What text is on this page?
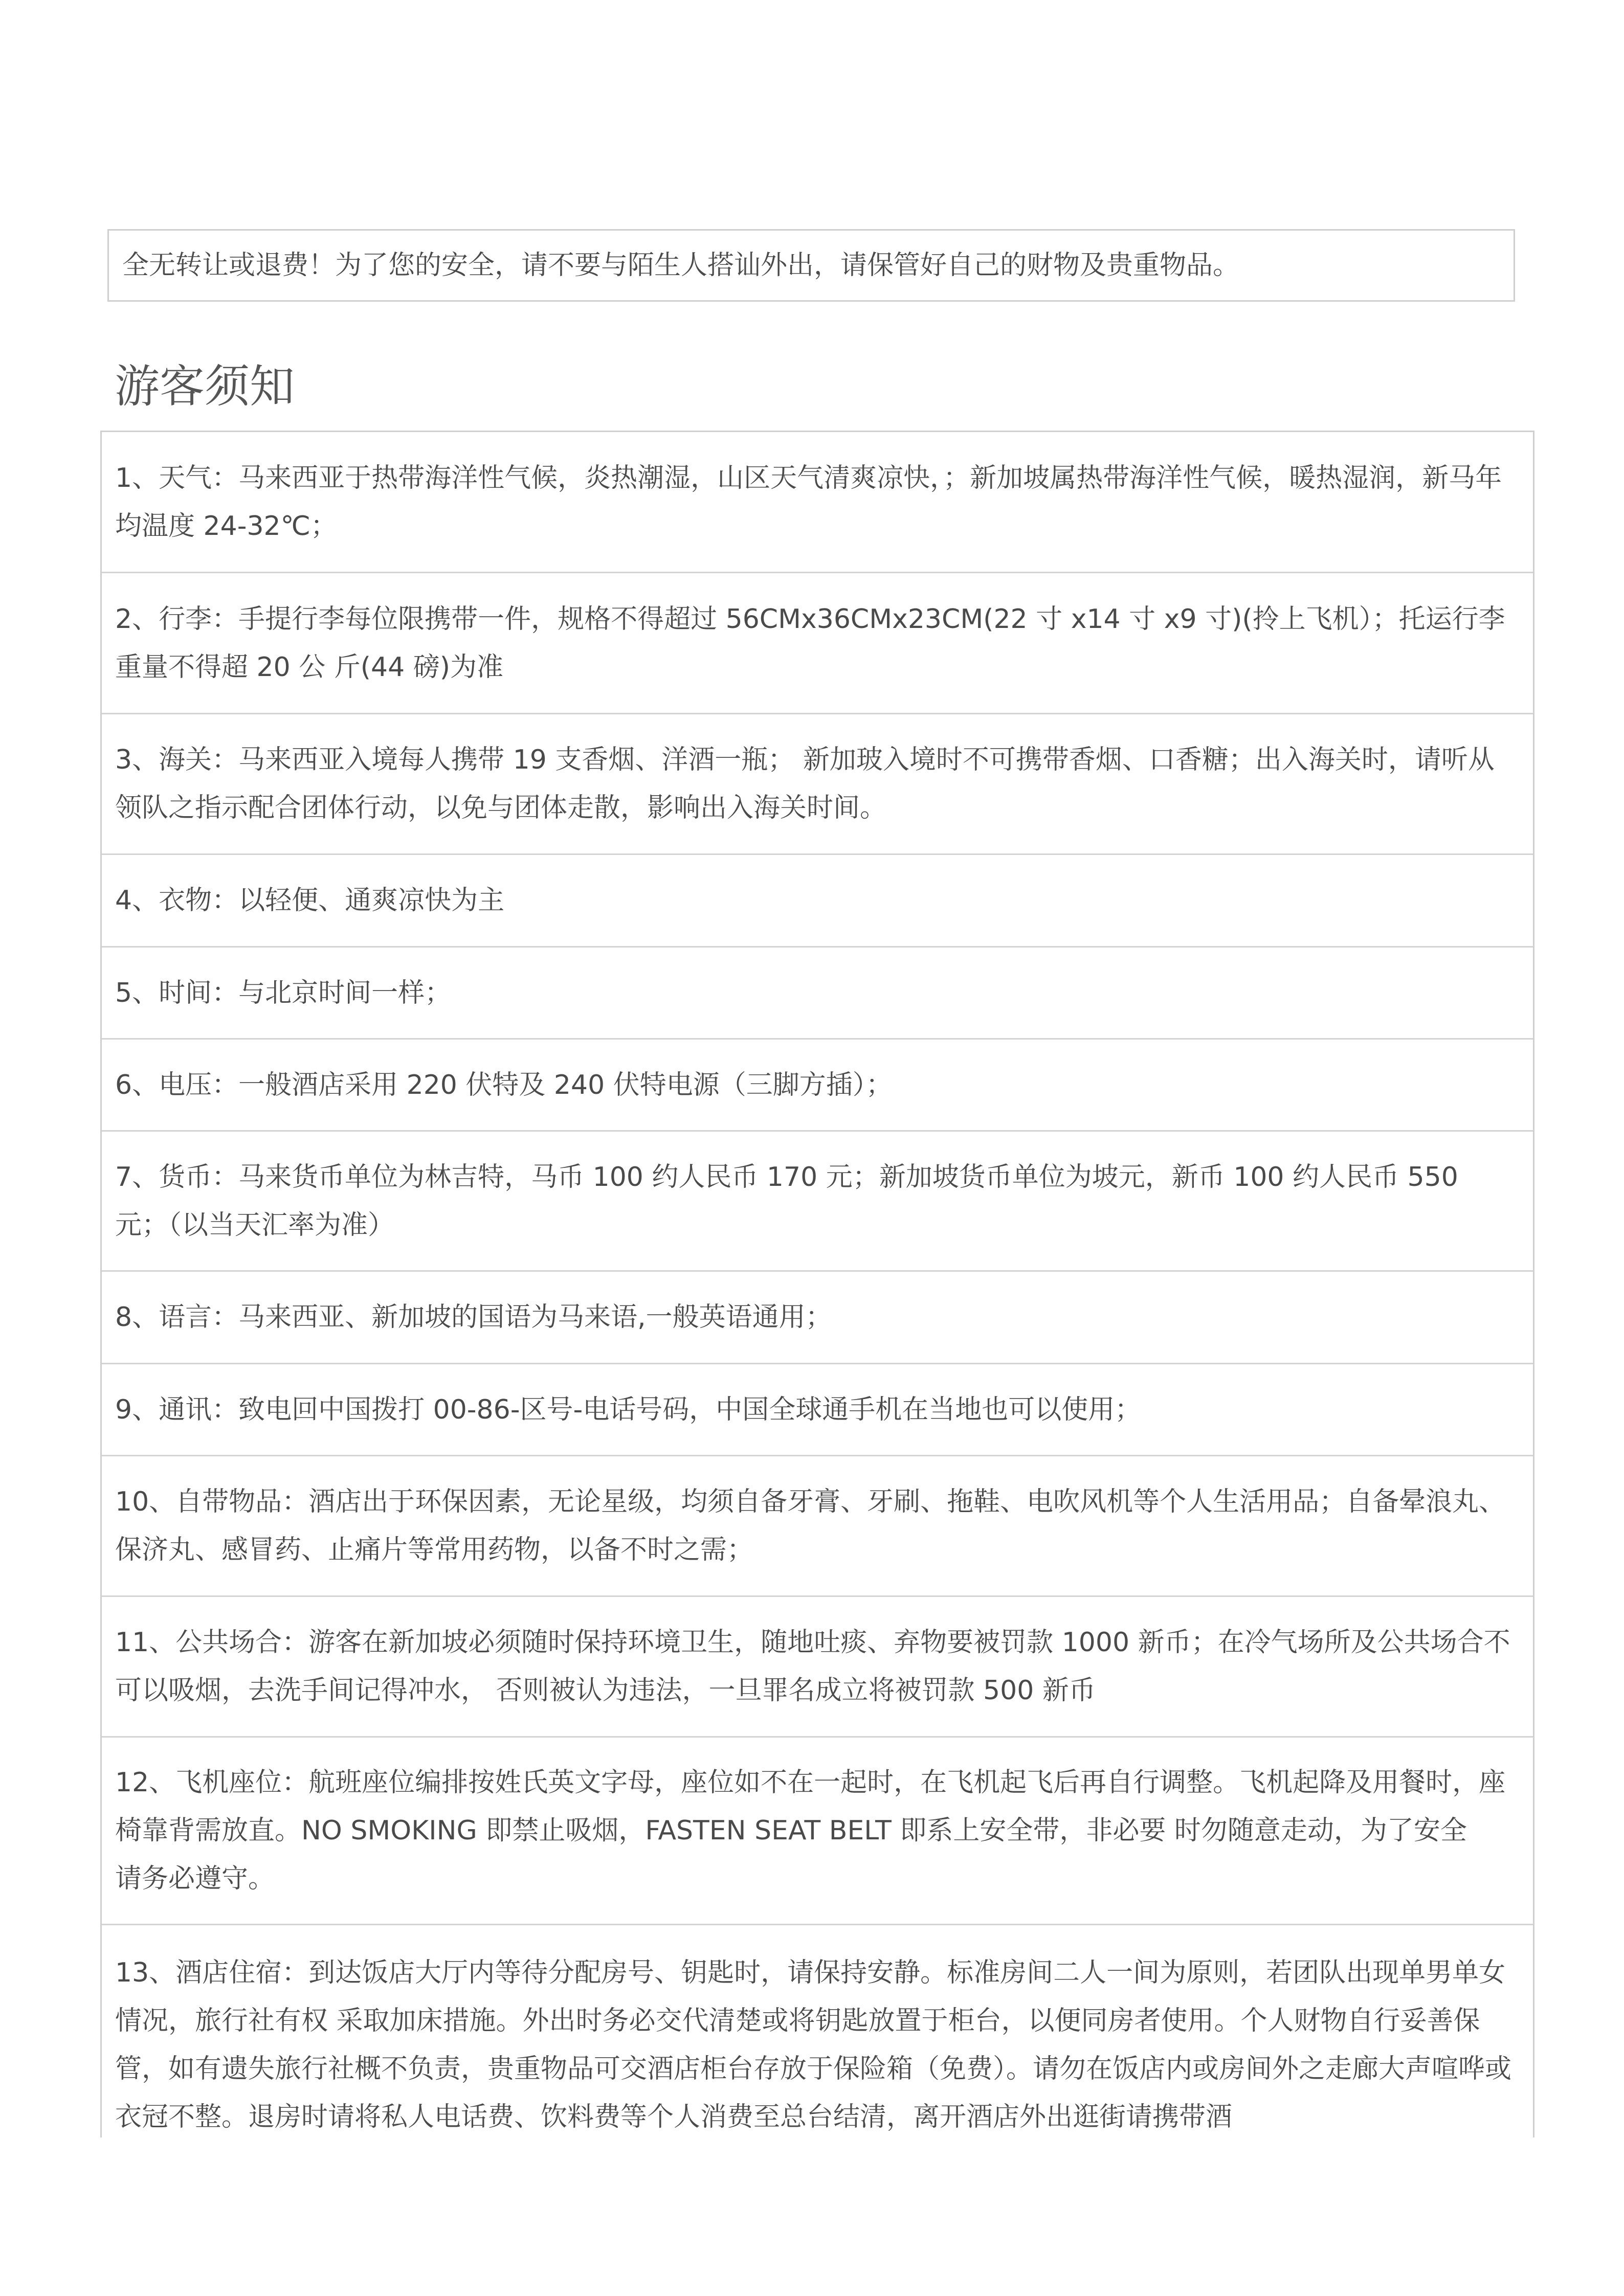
全无转让或退费！为了您的安全，请不要与陌生人搭讪外出，请保管好自己的财物及贵重物品。
游客须知
1、天气：马来西亚于热带海洋性气候，炎热潮湿，山区天气清爽凉快，；新加坡属热带海洋性气候，暖热湿润，新马年均温度 24-32℃；
2、行李：手提行李每位限携带一件，规格不得超过 56CMx36CMx23CM(22 寸 x14 寸 x9 寸)(拎上飞机）；托运行李重量不得超 20 公 斤(44 磅)为准
3、海关：马来西亚入境每人携带 19 支香烟、洋酒一瓶； 新加玻入境时不可携带香烟、口香糖；出入海关时，请听从领队之指示配合团体行动，以免与团体走散，影响出入海关时间。
4、衣物：以轻便、通爽凉快为主
5、时间：与北京时间一样；
6、电压：一般酒店采用 220 伏特及 240 伏特电源（三脚方插）；
7、货币：马来货币单位为林吉特，马币 100 约人民币 170 元；新加坡货币单位为坡元，新币 100 约人民币 550 元；（以当天汇率为准）
8、语言：马来西亚、新加坡的国语为马来语,一般英语通用；
9、通讯：致电回中国拨打 00-86-区号-电话号码，中国全球通手机在当地也可以使用；
10、自带物品：酒店出于环保因素，无论星级，均须自备牙膏、牙刷、拖鞋、电吹风机等个人生活用品；自备晕浪丸、保济丸、感冒药、止痛片等常用药物，以备不时之需；
11、公共场合：游客在新加坡必须随时保持环境卫生，随地吐痰、弃物要被罚款 1000 新币；在冷气场所及公共场合不可以吸烟，去洗手间记得冲水， 否则被认为违法，一旦罪名成立将被罚款 500 新币
12、飞机座位：航班座位编排按姓氏英文字母，座位如不在一起时，在飞机起飞后再自行调整。飞机起降及用餐时，座椅靠背需放直。NO SMOKING 即禁止吸烟，FASTEN SEAT BELT 即系上安全带，非必要 时勿随意走动，为了安全　请务必遵守。
13、酒店住宿：到达饭店大厅内等待分配房号、钥匙时，请保持安静。标准房间二人一间为原则，若团队出现单男单女情况，旅行社有权 采取加床措施。外出时务必交代清楚或将钥匙放置于柜台，以便同房者使用。个人财物自行妥善保管，如有遗失旅行社概不负责，贵重物品可交酒店柜台存放于保险箱（免费）。请勿在饭店内或房间外之走廊大声喧哗或衣冠不整。退房时请将私人电话费、饮料费等个人消费至总台结清，离开酒店外出逛街请携带酒
